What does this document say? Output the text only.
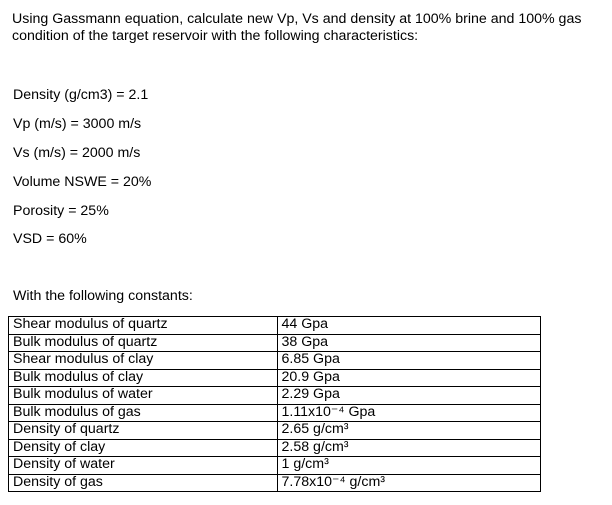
Using Gassmann equation, calculate new Vp, Vs and density at 100% brine and 100% gas condition of the target reservoir with the following characteristics:

Density (g/cm3) = 2.1

Vp (m/s) = 3000 m/s

Vs (m/s) = 2000 m/s

Volume NSWE = 20%

Porosity = 25%

VSD = 60%

With the following constants:

Shear modulus of quartz	44 Gpa
Bulk modulus of quartz	38 Gpa
Shear modulus of clay	6.85 Gpa
Bulk modulus of clay	20.9 Gpa
Bulk modulus of water	2.29 Gpa
Bulk modulus of gas	1.11x10⁻⁴ Gpa
Density of quartz	2.65 g/cm³
Density of clay	2.58 g/cm³
Density of water	1 g/cm³
Density of gas	7.78x10⁻⁴ g/cm³
